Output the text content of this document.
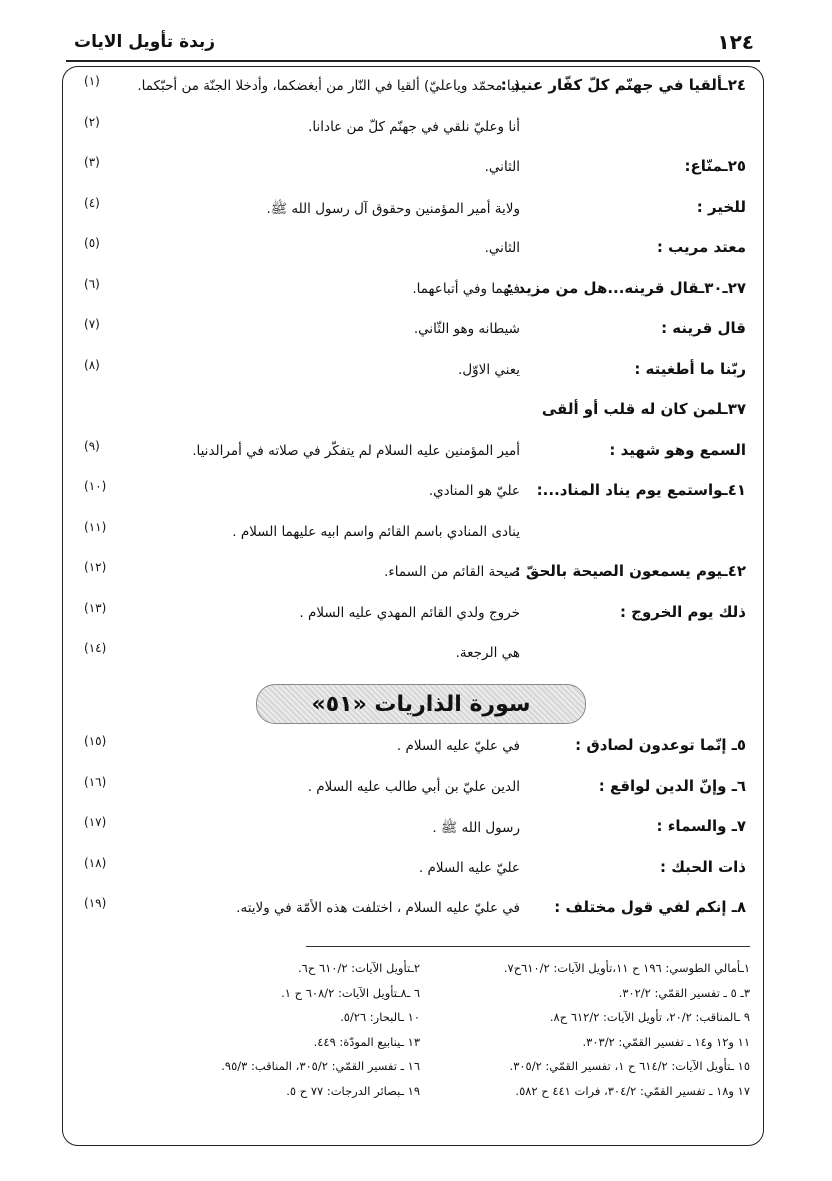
١٢٤
زبدة تأويل الايات
(١)	٢٤ـألقيا في جهنّم كلّ كفّار عنيد :
(يا محمّد وياعليّ) ألقيا في النّار من أبغضكما، وأدخلا الجنّة من أحبّكما.
(٢)	أنا وعليّ نلقي في جهنّم كلّ من عادانا.
(٣)	٢٥ـمنّاع:
الثاني.
(٤)	للخير :
ولاية أمير المؤمنين وحقوق آل رسول الله ﷺ.
(٥)	معتد مريب :
الثاني.
(٦)	٢٧ـ٣٠ـقال قرينه...هل من مزيد :
فيهما وفي أتباعهما.
(٧)	قال قرينه :
شيطانه وهو الثّاني.
(٨)	ربّنا ما أطغيته :
يعني الاوّل.
٣٧ـلمن كان له قلب أو ألقى
(٩)	السمع وهو شهيد :
أمير المؤمنين عليه السلام لم يتفكّر في صلاته في أمرالدنيا.
(١٠)	٤١ـواستمع يوم يناد المناد...:
عليّ هو المنادي.
(١١)	ينادى المنادي باسم القائم واسم ابيه عليهما السلام .
(١٢)	٤٢ـيوم يسمعون الصيحة بالحقّ :
صيحة القائم من السماء.
(١٣)	ذلك يوم الخروج :
خروج ولدي القائم المهدي عليه السلام .
(١٤)	هي الرجعة.
سورة الذاريات «٥١»
(١٥)	٥ـ إنّما توعدون لصادق :
في عليّ عليه السلام .
(١٦)	٦ـ وإنّ الدين لواقع :
الدين عليّ بن أبي طالب عليه السلام .
(١٧)	٧ـ والسماء :
رسول الله ﷺ .
(١٨)	ذات الحبك :
عليّ عليه السلام .
(١٩)	٨ـ إنكم لفي قول مختلف :
في عليّ عليه السلام ، اختلفت هذه الأمّة في ولايته.
١ـأمالي الطوسي: ١٩٦ ح ١١،تأويل الآيات: ٦١٠/٢ح٧.
٣ـ ٥ ـ تفسير القمّي: ٣٠٢/٢.
٩ ـالمناقب: ٢٠/٢، تأويل الآيات: ٦١٢/٢ ح٨.
١١ و١٢ و١٤ ـ تفسير القمّي: ٣٠٣/٢.
١٥ ـتأويل الآيات: ٦١٤/٢ ح ١، تفسير القمّي: ٣٠٥/٢.
١٧ و١٨ ـ تفسير القمّي: ٣٠٤/٢، فرات ٤٤١ ح ٥٨٢.
٢ـتأويل الآيات: ٦١٠/٢ ح٦.
٦ ـ٨ـتأويل الآيات: ٦٠٨/٢ ح ١.
١٠ ـالبحار: ٥/٢٦.
١٣ ـينابيع المودّة: ٤٤٩.
١٦ ـ تفسير القمّي: ٣٠٥/٢، المناقب: ٩٥/٣.
١٩ ـبصائر الدرجات: ٧٧ ح ٥.
